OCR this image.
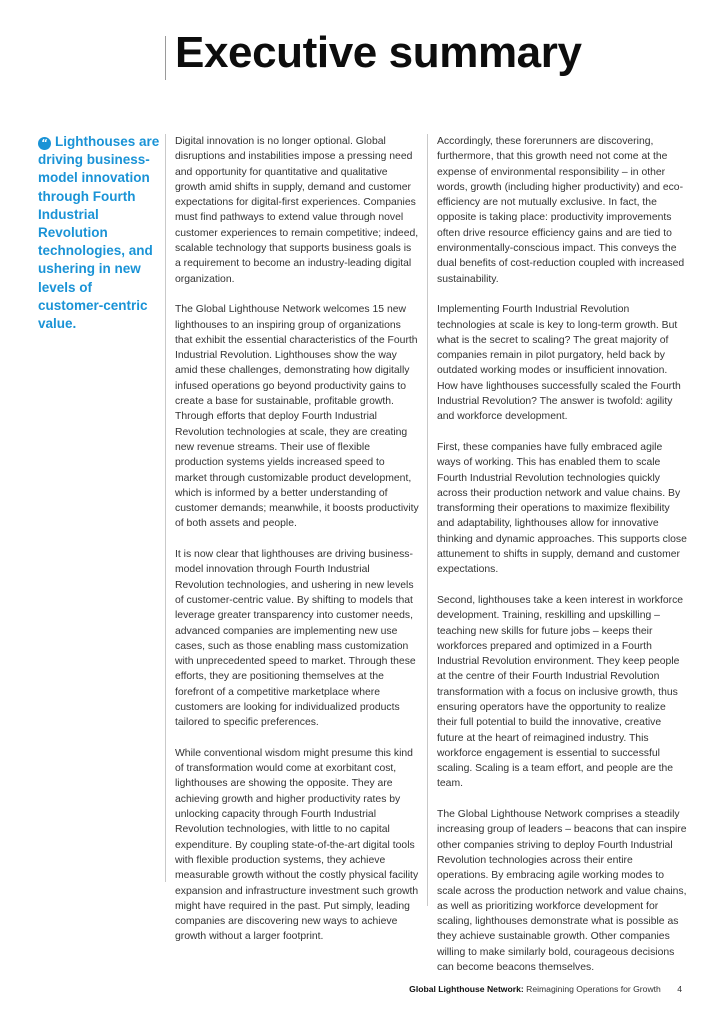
Executive summary
“ Lighthouses are driving business-model innovation through Fourth Industrial Revolution technologies, and ushering in new levels of customer-centric value.

Digital innovation is no longer optional. Global disruptions and instabilities impose a pressing need and opportunity for quantitative and qualitative growth amid shifts in supply, demand and customer expectations for digital-first experiences. Companies must find pathways to extend value through novel customer experiences to remain competitive; indeed, scalable technology that supports business goals is a requirement to become an industry-leading digital organization.

The Global Lighthouse Network welcomes 15 new lighthouses to an inspiring group of organizations that exhibit the essential characteristics of the Fourth Industrial Revolution. Lighthouses show the way amid these challenges, demonstrating how digitally infused operations go beyond productivity gains to create a base for sustainable, profitable growth. Through efforts that deploy Fourth Industrial Revolution technologies at scale, they are creating new revenue streams. Their use of flexible production systems yields increased speed to market through customizable product development, which is informed by a better understanding of customer demands; meanwhile, it boosts productivity of both assets and people.

It is now clear that lighthouses are driving business-model innovation through Fourth Industrial Revolution technologies, and ushering in new levels of customer-centric value. By shifting to models that leverage greater transparency into customer needs, advanced companies are implementing new use cases, such as those enabling mass customization with unprecedented speed to market. Through these efforts, they are positioning themselves at the forefront of a competitive marketplace where customers are looking for individualized products tailored to specific preferences.

While conventional wisdom might presume this kind of transformation would come at exorbitant cost, lighthouses are showing the opposite. They are achieving growth and higher productivity rates by unlocking capacity through Fourth Industrial Revolution technologies, with little to no capital expenditure. By coupling state-of-the-art digital tools with flexible production systems, they achieve measurable growth without the costly physical facility expansion and infrastructure investment such growth might have required in the past. Put simply, leading companies are discovering new ways to achieve growth without a larger footprint.

Accordingly, these forerunners are discovering, furthermore, that this growth need not come at the expense of environmental responsibility – in other words, growth (including higher productivity) and eco-efficiency are not mutually exclusive. In fact, the opposite is taking place: productivity improvements often drive resource efficiency gains and are tied to environmentally-conscious impact. This conveys the dual benefits of cost-reduction coupled with increased sustainability.

Implementing Fourth Industrial Revolution technologies at scale is key to long-term growth. But what is the secret to scaling? The great majority of companies remain in pilot purgatory, held back by outdated working modes or insufficient innovation. How have lighthouses successfully scaled the Fourth Industrial Revolution? The answer is twofold: agility and workforce development.

First, these companies have fully embraced agile ways of working. This has enabled them to scale Fourth Industrial Revolution technologies quickly across their production network and value chains. By transforming their operations to maximize flexibility and adaptability, lighthouses allow for innovative thinking and dynamic approaches. This supports close attunement to shifts in supply, demand and customer expectations.

Second, lighthouses take a keen interest in workforce development. Training, reskilling and upskilling – teaching new skills for future jobs – keeps their workforces prepared and optimized in a Fourth Industrial Revolution environment. They keep people at the centre of their Fourth Industrial Revolution transformation with a focus on inclusive growth, thus ensuring operators have the opportunity to realize their full potential to build the innovative, creative future at the heart of reimagined industry. This workforce engagement is essential to successful scaling. Scaling is a team effort, and people are the team.

The Global Lighthouse Network comprises a steadily increasing group of leaders – beacons that can inspire other companies striving to deploy Fourth Industrial Revolution technologies across their entire operations. By embracing agile working modes to scale across the production network and value chains, as well as prioritizing workforce development for scaling, lighthouses demonstrate what is possible as they achieve sustainable growth. Other companies willing to make similarly bold, courageous decisions can become beacons themselves.

Global Lighthouse Network: Reimagining Operations for Growth 4
